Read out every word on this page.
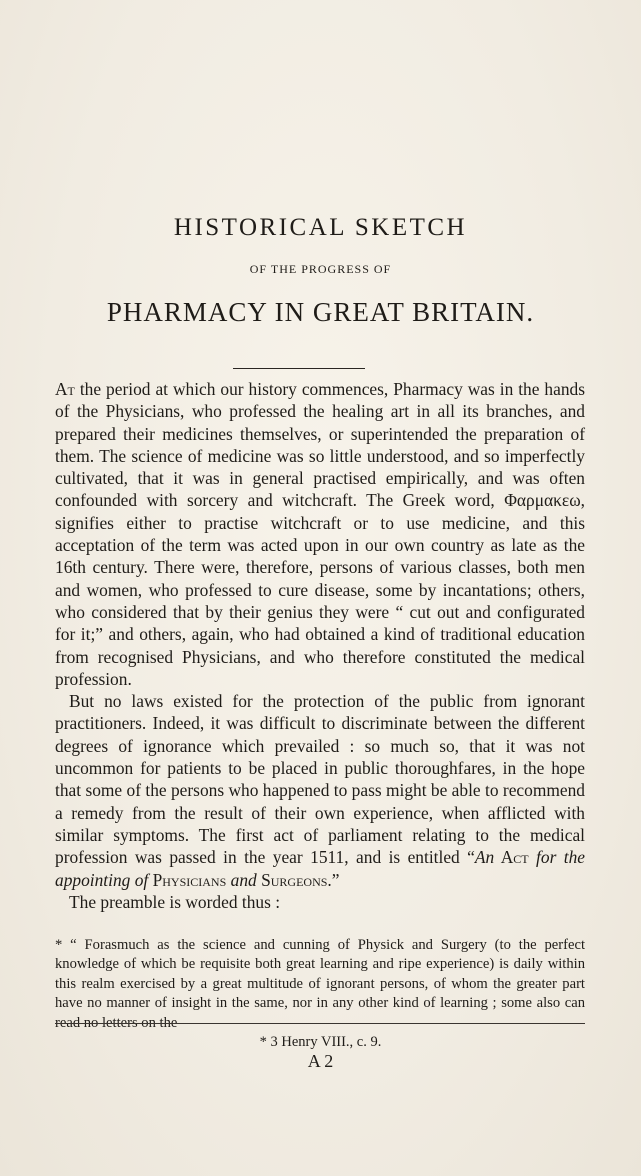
HISTORICAL SKETCH
OF THE PROGRESS OF
PHARMACY IN GREAT BRITAIN.

At the period at which our history commences, Pharmacy was in the hands of the Physicians, who professed the healing art in all its branches, and prepared their medicines themselves, or superintended the preparation of them. The science of medicine was so little understood, and so imperfectly cultivated, that it was in general practised empirically, and was often confounded with sorcery and witchcraft. The Greek word, Φαρμακεω, signifies either to practise witchcraft or to use medicine, and this acceptation of the term was acted upon in our own country as late as the 16th century. There were, therefore, persons of various classes, both men and women, who professed to cure disease, some by incantations; others, who considered that by their genius they were “ cut out and configurated for it;” and others, again, who had obtained a kind of traditional education from recognised Physicians, and who therefore constituted the medical profession.

But no laws existed for the protection of the public from ignorant practitioners. Indeed, it was difficult to discriminate between the different degrees of ignorance which prevailed : so much so, that it was not uncommon for patients to be placed in public thoroughfares, in the hope that some of the persons who happened to pass might be able to recommend a remedy from the result of their own experience, when afflicted with similar symptoms. The first act of parliament relating to the medical profession was passed in the year 1511, and is entitled “An Act for the appointing of Physicians and Surgeons.”

The preamble is worded thus :

* “ Forasmuch as the science and cunning of Physick and Surgery (to the perfect knowledge of which be requisite both great learning and ripe experience) is daily within this realm exercised by a great multitude of ignorant persons, of whom the greater part have no manner of insight in the same, nor in any other kind of learning ; some also can read no letters on the

* 3 Henry VIII., c. 9.

A 2
